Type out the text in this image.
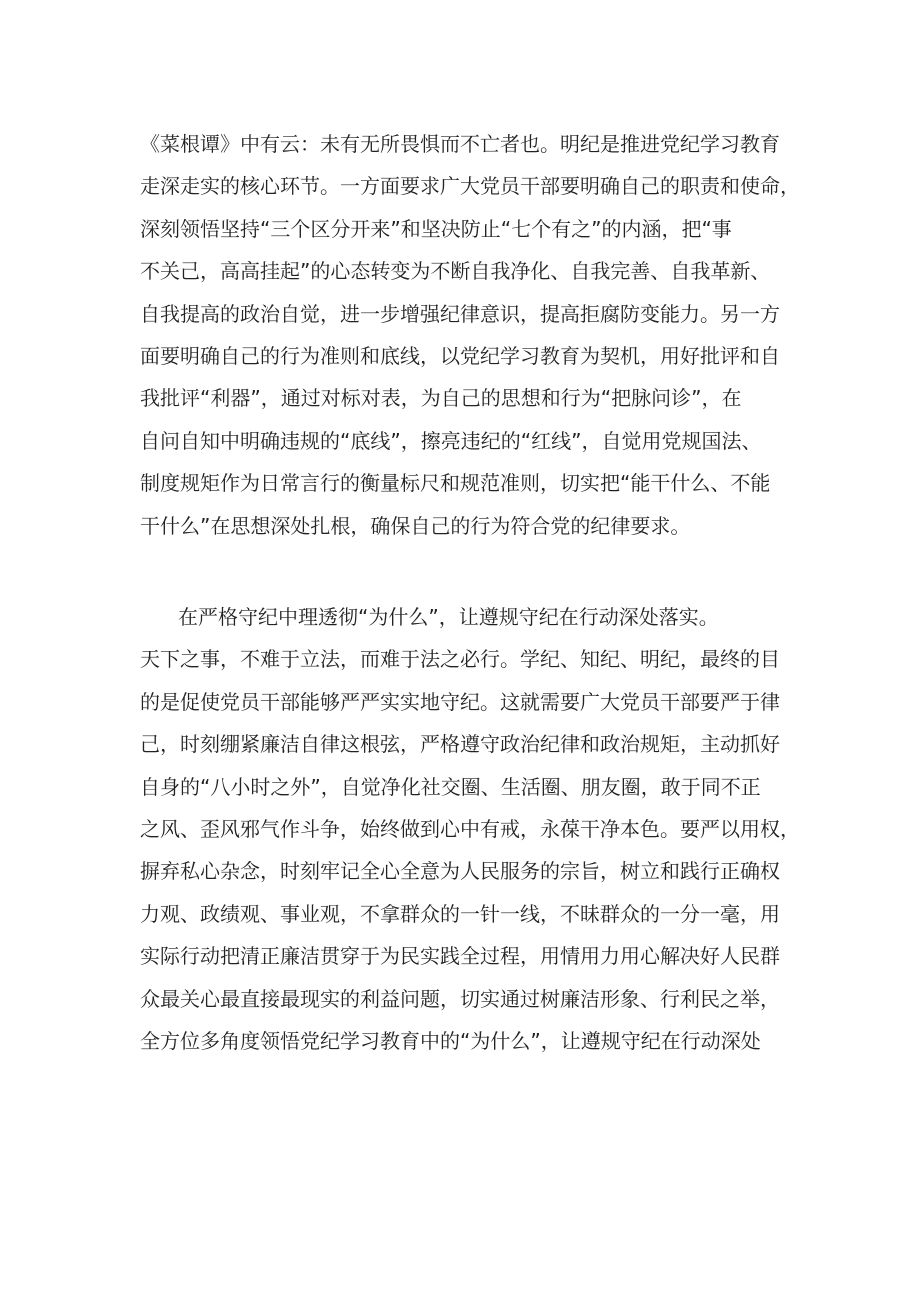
《菜根谭》中有云：未有无所畏惧而不亡者也。明纪是推进党纪学习教育
走深走实的核心环节。一方面要求广大党员干部要明确自己的职责和使命，
深刻领悟坚持“三个区分开来”和坚决防止“七个有之”的内涵，把“事
不关己，高高挂起”的心态转变为不断自我净化、自我完善、自我革新、
自我提高的政治自觉，进一步增强纪律意识，提高拒腐防变能力。另一方
面要明确自己的行为准则和底线，以党纪学习教育为契机，用好批评和自
我批评“利器”，通过对标对表，为自己的思想和行为“把脉问诊”，在
自问自知中明确违规的“底线”，擦亮违纪的“红线”，自觉用党规国法、
制度规矩作为日常言行的衡量标尺和规范准则，切实把“能干什么、不能
干什么”在思想深处扎根，确保自己的行为符合党的纪律要求。
在严格守纪中理透彻“为什么”，让遵规守纪在行动深处落实。
天下之事，不难于立法，而难于法之必行。学纪、知纪、明纪，最终的目
的是促使党员干部能够严严实实地守纪。这就需要广大党员干部要严于律
己，时刻绷紧廉洁自律这根弦，严格遵守政治纪律和政治规矩，主动抓好
自身的“八小时之外”，自觉净化社交圈、生活圈、朋友圈，敢于同不正
之风、歪风邪气作斗争，始终做到心中有戒，永葆干净本色。要严以用权，
摒弃私心杂念，时刻牢记全心全意为人民服务的宗旨，树立和践行正确权
力观、政绩观、事业观，不拿群众的一针一线，不昧群众的一分一毫，用
实际行动把清正廉洁贯穿于为民实践全过程，用情用力用心解决好人民群
众最关心最直接最现实的利益问题，切实通过树廉洁形象、行利民之举，
全方位多角度领悟党纪学习教育中的“为什么”，让遵规守纪在行动深处
